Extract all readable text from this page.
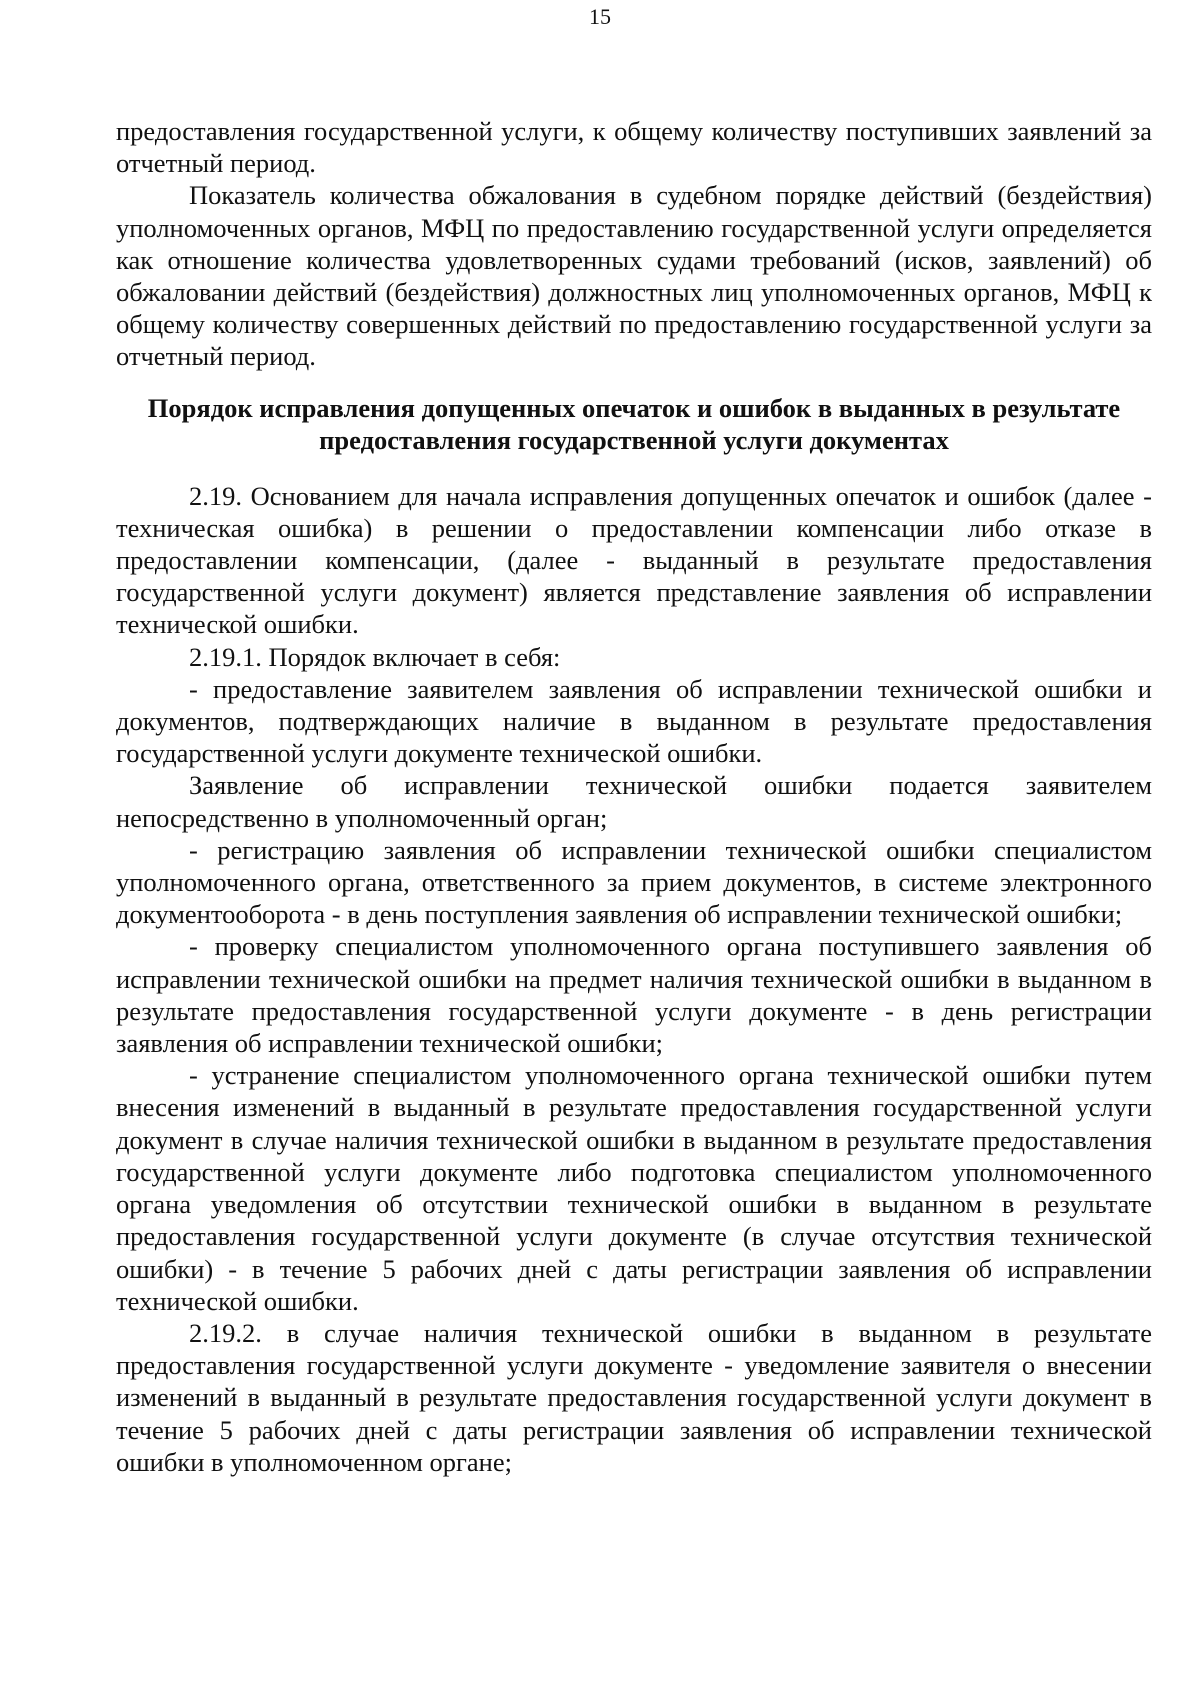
15

предоставления государственной услуги, к общему количеству поступивших заявлений за отчетный период.

Показатель количества обжалования в судебном порядке действий (бездействия) уполномоченных органов, МФЦ по предоставлению государственной услуги определяется как отношение количества удовлетворенных судами требований (исков, заявлений) об обжаловании действий (бездействия) должностных лиц уполномоченных органов, МФЦ к общему количеству совершенных действий по предоставлению государственной услуги за отчетный период.

Порядок исправления допущенных опечаток и ошибок в выданных в результате предоставления государственной услуги документах

2.19. Основанием для начала исправления допущенных опечаток и ошибок (далее - техническая ошибка) в решении о предоставлении компенсации либо отказе в предоставлении компенсации, (далее - выданный в результате предоставления государственной услуги документ) является представление заявления об исправлении технической ошибки.

2.19.1. Порядок включает в себя:

- предоставление заявителем заявления об исправлении технической ошибки и документов, подтверждающих наличие в выданном в результате предоставления государственной услуги документе технической ошибки.

Заявление об исправлении технической ошибки подается заявителем непосредственно в уполномоченный орган;

- регистрацию заявления об исправлении технической ошибки специалистом уполномоченного органа, ответственного за прием документов, в системе электронного документооборота - в день поступления заявления об исправлении технической ошибки;

- проверку специалистом уполномоченного органа поступившего заявления об исправлении технической ошибки на предмет наличия технической ошибки в выданном в результате предоставления государственной услуги документе - в день регистрации заявления об исправлении технической ошибки;

- устранение специалистом уполномоченного органа технической ошибки путем внесения изменений в выданный в результате предоставления государственной услуги документ в случае наличия технической ошибки в выданном в результате предоставления государственной услуги документе либо подготовка специалистом уполномоченного органа уведомления об отсутствии технической ошибки в выданном в результате предоставления государственной услуги документе (в случае отсутствия технической ошибки) - в течение 5 рабочих дней с даты регистрации заявления об исправлении технической ошибки.

2.19.2. в случае наличия технической ошибки в выданном в результате предоставления государственной услуги документе - уведомление заявителя о внесении изменений в выданный в результате предоставления государственной услуги документ в течение 5 рабочих дней с даты регистрации заявления об исправлении технической ошибки в уполномоченном органе;
